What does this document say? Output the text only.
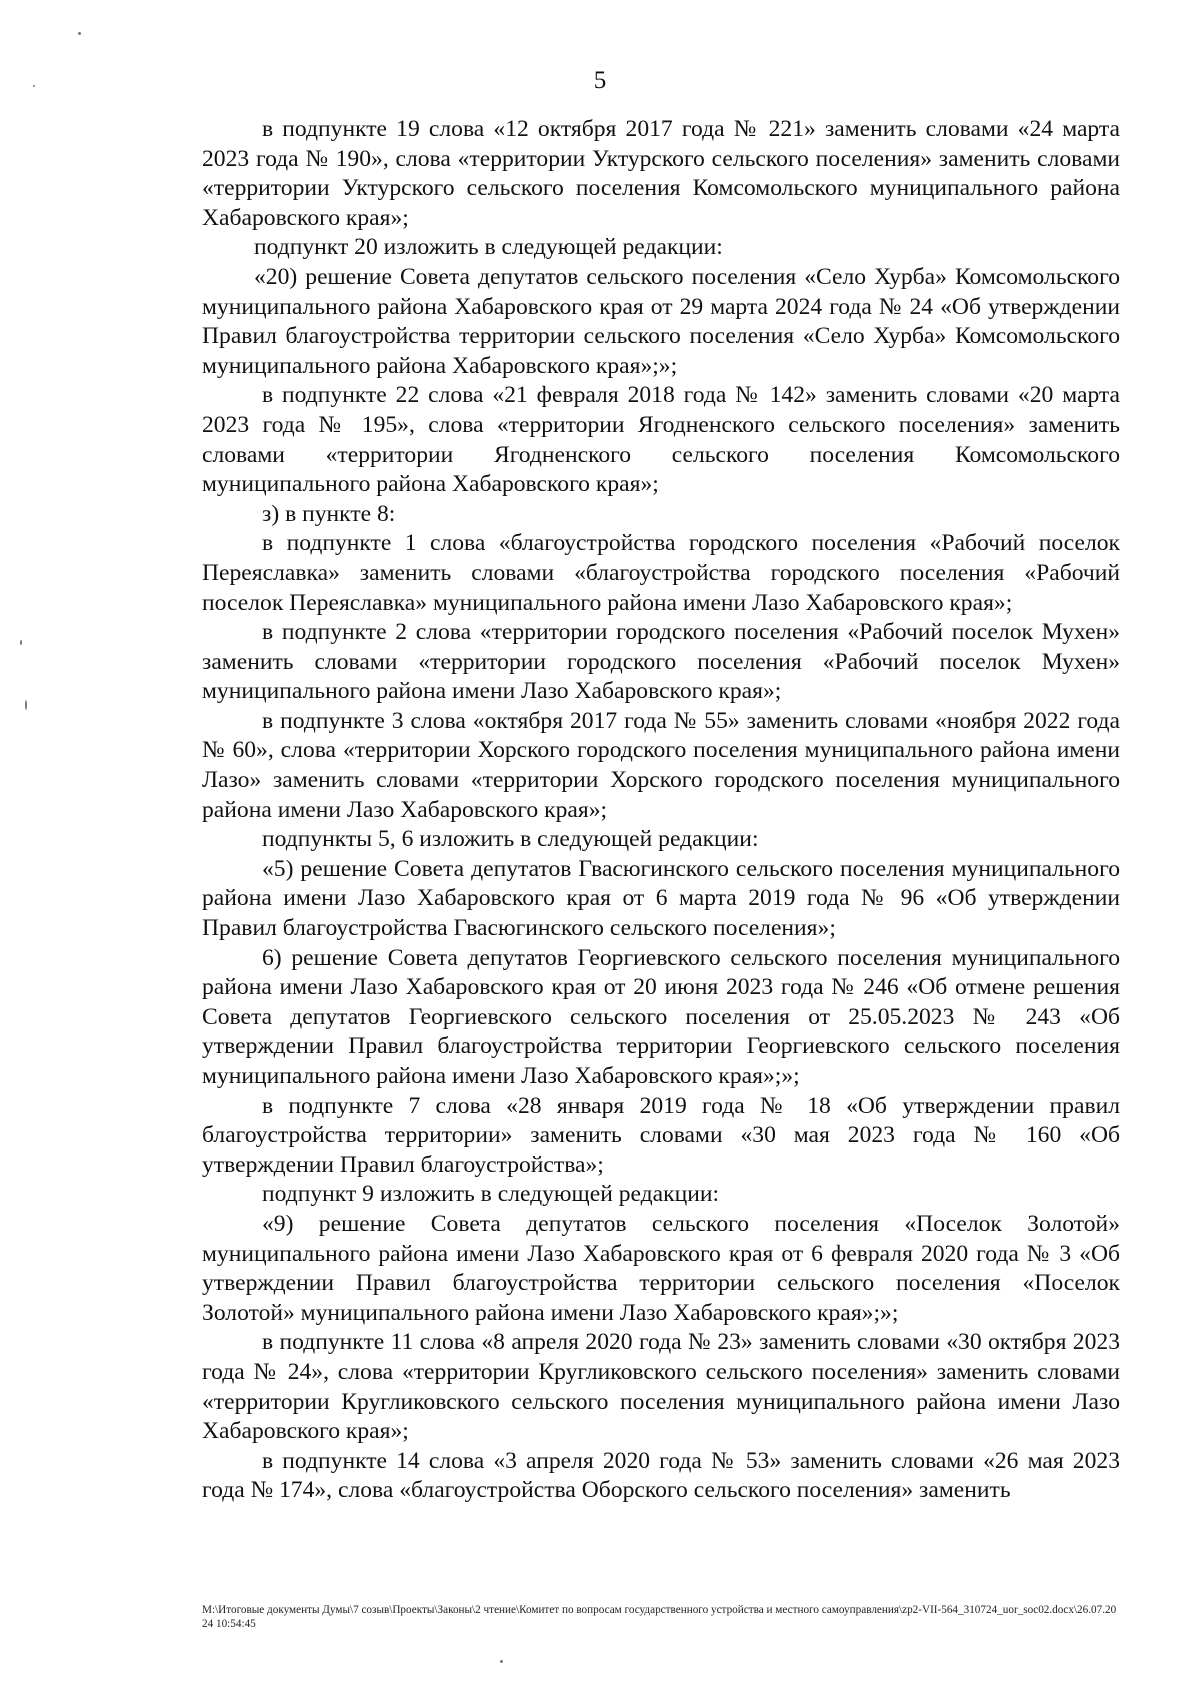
5

в подпункте 19 слова «12 октября 2017 года № 221» заменить словами «24 марта 2023 года № 190», слова «территории Уктурского сельского поселения» заменить словами «территории Уктурского сельского поселения Комсомольского муниципального района Хабаровского края»;

подпункт 20 изложить в следующей редакции:

«20) решение Совета депутатов сельского поселения «Село Хурба» Комсомольского муниципального района Хабаровского края от 29 марта 2024 года № 24 «Об утверждении Правил благоустройства территории сельского поселения «Село Хурба» Комсомольского муниципального района Хабаровского края»;»;

в подпункте 22 слова «21 февраля 2018 года № 142» заменить словами «20 марта 2023 года № 195», слова «территории Ягодненского сельского поселения» заменить словами «территории Ягодненского сельского поселения Комсомольского муниципального района Хабаровского края»;

з) в пункте 8:

в подпункте 1 слова «благоустройства городского поселения «Рабочий поселок Переяславка» заменить словами «благоустройства городского поселения «Рабочий поселок Переяславка» муниципального района имени Лазо Хабаровского края»;

в подпункте 2 слова «территории городского поселения «Рабочий поселок Мухен» заменить словами «территории городского поселения «Рабочий поселок Мухен» муниципального района имени Лазо Хабаровского края»;

в подпункте 3 слова «октября 2017 года № 55» заменить словами «ноября 2022 года № 60», слова «территории Хорского городского поселения муниципального района имени Лазо» заменить словами «территории Хорского городского поселения муниципального района имени Лазо Хабаровского края»;

подпункты 5, 6 изложить в следующей редакции:

«5) решение Совета депутатов Гвасюгинского сельского поселения муниципального района имени Лазо Хабаровского края от 6 марта 2019 года № 96 «Об утверждении Правил благоустройства Гвасюгинского сельского поселения»;

6) решение Совета депутатов Георгиевского сельского поселения муниципального района имени Лазо Хабаровского края от 20 июня 2023 года № 246 «Об отмене решения Совета депутатов Георгиевского сельского поселения от 25.05.2023 № 243 «Об утверждении Правил благоустройства территории Георгиевского сельского поселения муниципального района имени Лазо Хабаровского края»;»;

в подпункте 7 слова «28 января 2019 года № 18 «Об утверждении правил благоустройства территории» заменить словами «30 мая 2023 года № 160 «Об утверждении Правил благоустройства»;

подпункт 9 изложить в следующей редакции:

«9) решение Совета депутатов сельского поселения «Поселок Золотой» муниципального района имени Лазо Хабаровского края от 6 февраля 2020 года № 3 «Об утверждении Правил благоустройства территории сельского поселения «Поселок Золотой» муниципального района имени Лазо Хабаровского края»;»;

в подпункте 11 слова «8 апреля 2020 года № 23» заменить словами «30 октября 2023 года № 24», слова «территории Кругликовского сельского поселения» заменить словами «территории Кругликовского сельского поселения муниципального района имени Лазо Хабаровского края»;

в подпункте 14 слова «3 апреля 2020 года № 53» заменить словами «26 мая 2023 года № 174», слова «благоустройства Оборского сельского поселения» заменить

M:\Итоговые документы Думы\7 созыв\Проекты\Законы\2 чтение\Комитет по вопросам государственного устройства и местного самоуправления\zp2-VII-564_310724_uor_soc02.docx\26.07.2024 10:54:45
